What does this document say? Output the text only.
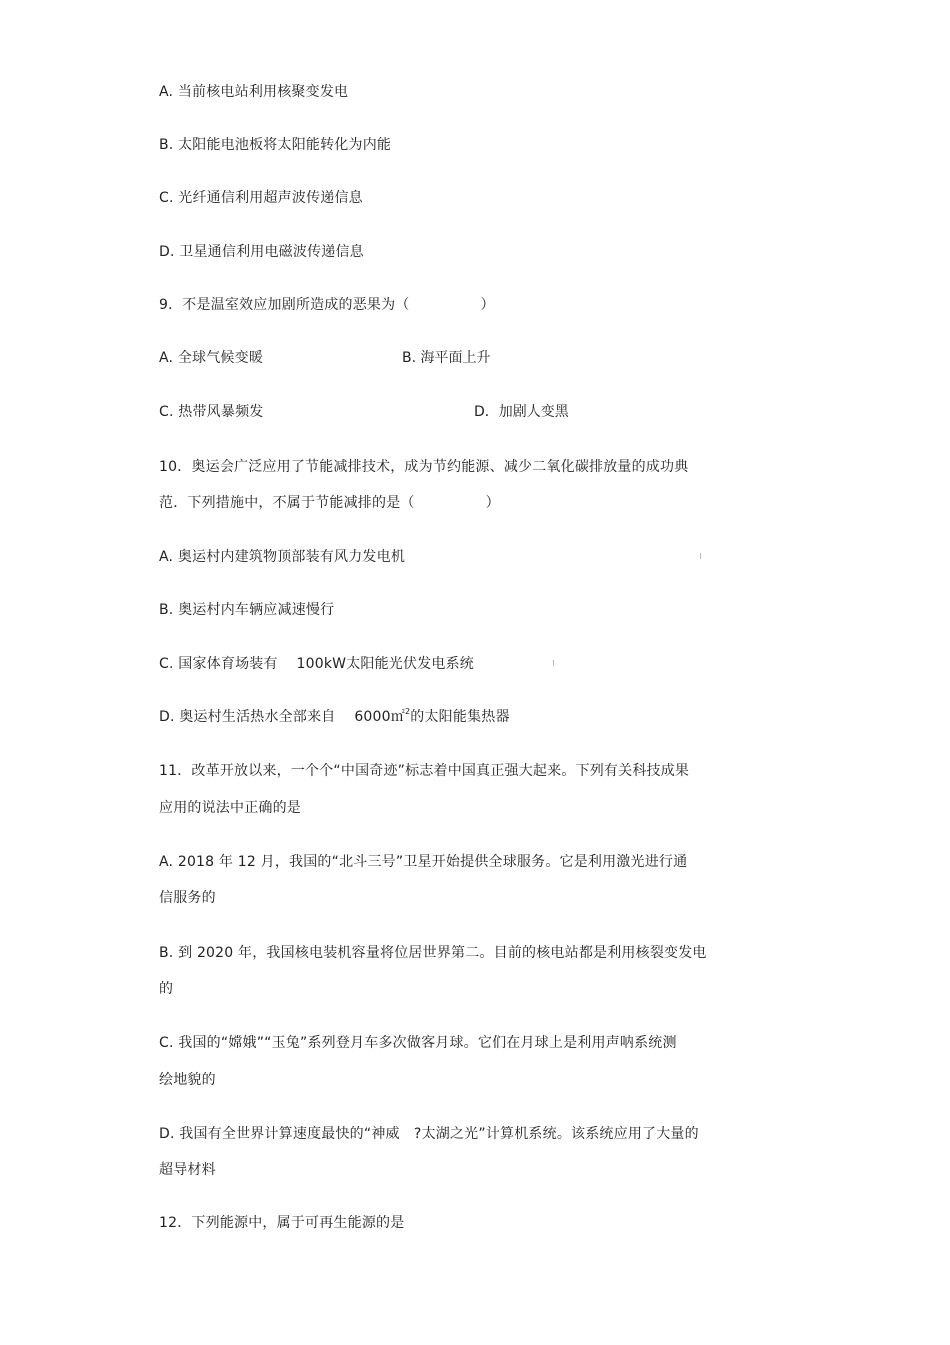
A. 当前核电站利用核聚变发电
B. 太阳能电池板将太阳能转化为内能
C. 光纤通信利用超声波传递信息
D. 卫星通信利用电磁波传递信息
9．不是温室效应加剧所造成的恶果为（　　　　　）
A. 全球气候变暖	B. 海平面上升
C. 热带风暴频发	D．加剧人变黑
10．奥运会广泛应用了节能减排技术，成为节约能源、减少二氧化碳排放量的成功典
范．下列措施中，不属于节能减排的是（　　　　　）
A. 奥运村内建筑物顶部装有风力发电机
B. 奥运村内车辆应减速慢行
C. 国家体育场装有　 100kW太阳能光伏发电系统
D. 奥运村生活热水全部来自　 6000㎡$^2$的太阳能集热器
11．改革开放以来，一个个“中国奇迹”标志着中国真正强大起来。下列有关科技成果
应用的说法中正确的是
A. 2018 年 12 月，我国的“北斗三号”卫星开始提供全球服务。它是利用激光进行通
信服务的
B. 到 2020 年，我国核电装机容量将位居世界第二。目前的核电站都是利用核裂变发电
的
C. 我国的“嫦娥”“玉兔”系列登月车多次做客月球。它们在月球上是利用声呐系统测
绘地貌的
D. 我国有全世界计算速度最快的“神威　?太湖之光”计算机系统。该系统应用了大量的
超导材料
12．下列能源中，属于可再生能源的是
